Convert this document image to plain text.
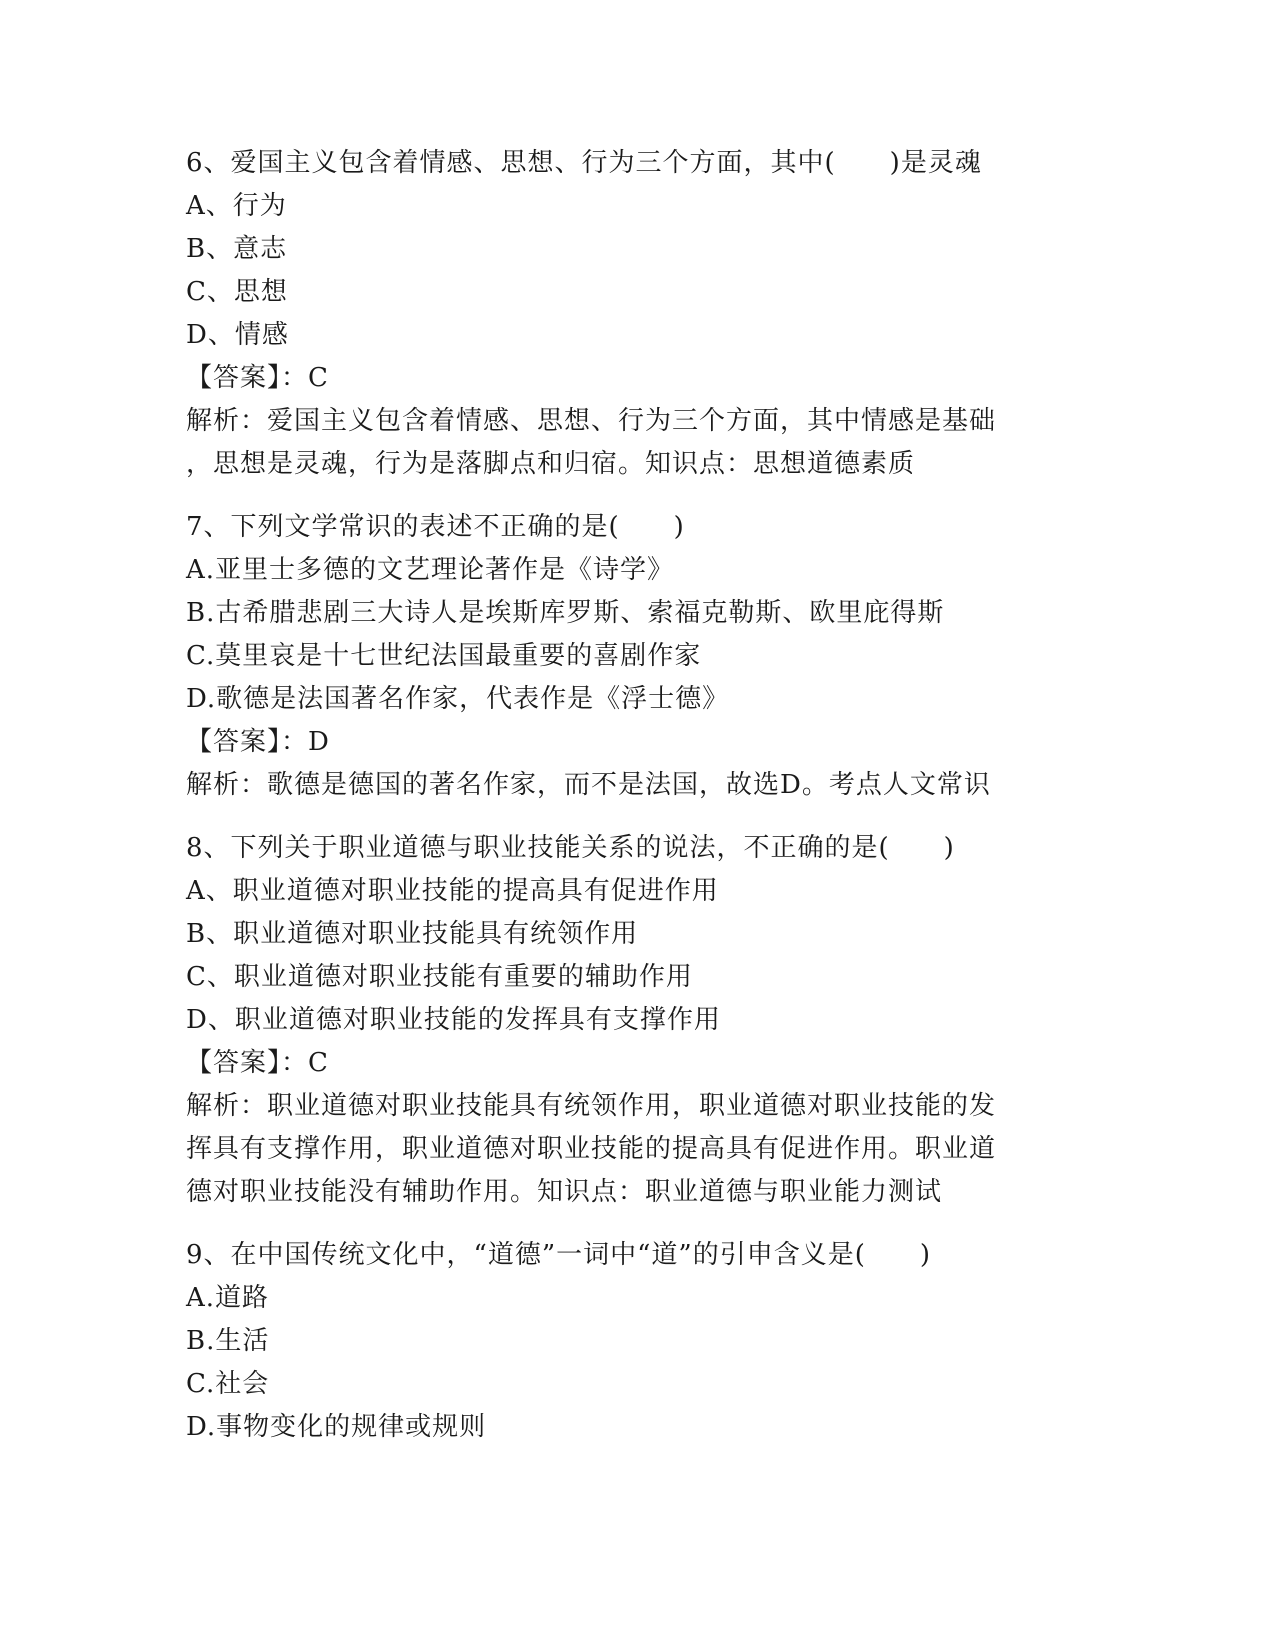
6、爱国主义包含着情感、思想、行为三个方面，其中(　　)是灵魂
A、行为
B、意志
C、思想
D、情感
【答案】：C
解析：爱国主义包含着情感、思想、行为三个方面，其中情感是基础
，思想是灵魂，行为是落脚点和归宿。知识点：思想道德素质
7、下列文学常识的表述不正确的是(　　)
A.亚里士多德的文艺理论著作是《诗学》
B.古希腊悲剧三大诗人是埃斯库罗斯、索福克勒斯、欧里庇得斯
C.莫里哀是十七世纪法国最重要的喜剧作家
D.歌德是法国著名作家，代表作是《浮士德》
【答案】：D
解析：歌德是德国的著名作家，而不是法国，故选D。考点人文常识
8、下列关于职业道德与职业技能关系的说法，不正确的是(　　)
A、职业道德对职业技能的提高具有促进作用
B、职业道德对职业技能具有统领作用
C、职业道德对职业技能有重要的辅助作用
D、职业道德对职业技能的发挥具有支撑作用
【答案】：C
解析：职业道德对职业技能具有统领作用，职业道德对职业技能的发
挥具有支撑作用，职业道德对职业技能的提高具有促进作用。职业道
德对职业技能没有辅助作用。知识点：职业道德与职业能力测试
9、在中国传统文化中，“道德”一词中“道”的引申含义是(　　)
A.道路
B.生活
C.社会
D.事物变化的规律或规则
